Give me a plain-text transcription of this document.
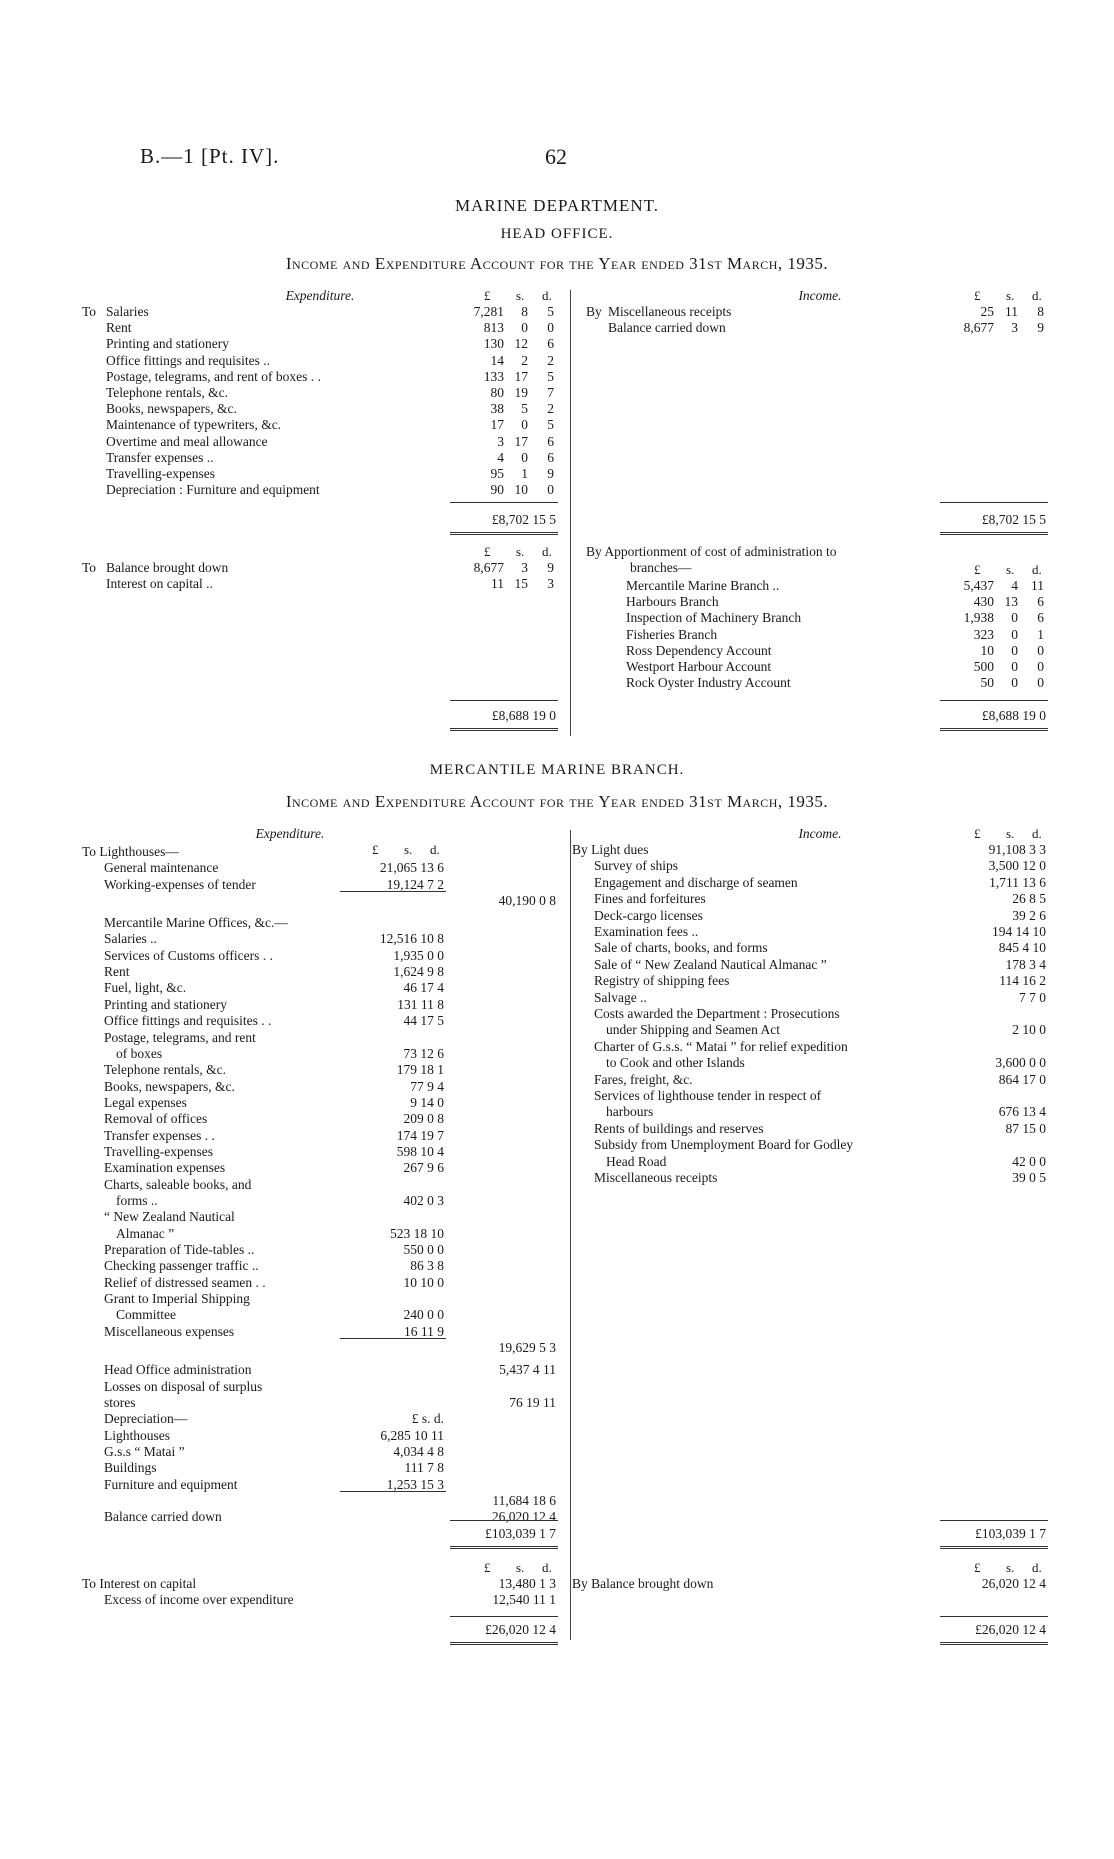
B.—1 [Pt. IV].	62
MARINE DEPARTMENT.
HEAD OFFICE.
Income and Expenditure Account for the Year ended 31st March, 1935.
Expenditure.	Income.
£ s. d.	£ s. d.
To Salaries	7,281	8	5
Rent	813	0	0
Printing and stationery	130 12	6
Office fittings and requisites ..	14	2	2
Postage, telegrams, and rent of boxes . .	133 17	5
Telephone rentals, &c.	80 19	7
Books, newspapers, &c.	38	5	2
Maintenance of typewriters, &c.	17	0	5
Overtime and meal allowance	3 17	6
Transfer expenses ..	4	0	6
Travelling-expenses	95	1	9
Depreciation : Furniture and equipment	90 10	0
By Miscellaneous receipts	25 11	8
Balance carried down	8,677	3	9
£8,702 15 5	£8,702 15 5
£ s. d.
To Balance brought down	8,677	3	9
Interest on capital ..	11 15	3
By Apportionment of cost of administration to
branches—	£ s. d.
Mercantile Marine Branch ..	5,437	4 11
Harbours Branch	430 13	6
Inspection of Machinery Branch	1,938	0	6
Fisheries Branch	323	0	1
Ross Dependency Account	10	0	0
Westport Harbour Account	500	0	0
Rock Oyster Industry Account	50	0	0
£8,688 19 0	£8,688 19 0
MERCANTILE MARINE BRANCH.
Income and Expenditure Account for the Year ended 31st March, 1935.
Expenditure.	Income.
£ s. d.
£ s. d.
To Lighthouses—
General maintenance	21,065 13 6
Working-expenses of tender	19,124 7 2
40,190 0 8
Mercantile Marine Offices, &c.—
Salaries ..	12,516 10 8
Services of Customs officers . .	1,935 0 0
Rent	1,624 9 8
Fuel, light, &c.	46 17 4
Printing and stationery	131 11 8
Office fittings and requisites . .	44 17 5
Postage, telegrams, and rent
of boxes	73 12 6
Telephone rentals, &c.	179 18 1
Books, newspapers, &c.	77 9 4
Legal expenses	9 14 0
Removal of offices	209 0 8
Transfer expenses . .	174 19 7
Travelling-expenses	598 10 4
Examination expenses	267 9 6
Charts, saleable books, and
forms ..	402 0 3
“ New Zealand Nautical
Almanac ”	523 18 10
Preparation of Tide-tables ..	550 0 0
Checking passenger traffic ..	86 3 8
Relief of distressed seamen . .	10 10 0
Grant to Imperial Shipping
Committee	240 0 0
Miscellaneous expenses	16 11 9
19,629 5 3
Head Office administration	5,437 4 11
Losses on disposal of surplus
stores	76 19 11
Depreciation—	£ s. d.
Lighthouses	6,285 10 11
G.s.s “ Matai ”	4,034 4 8
Buildings	111 7 8
Furniture and equipment	1,253 15 3
11,684 18 6
Balance carried down	26,020 12 4
£103,039 1 7
By Light dues	91,108 3 3
Survey of ships	3,500 12 0
Engagement and discharge of seamen	1,711 13 6
Fines and forfeitures	26 8 5
Deck-cargo licenses	39 2 6
Examination fees ..	194 14 10
Sale of charts, books, and forms	845 4 10
Sale of “ New Zealand Nautical Almanac ”	178 3 4
Registry of shipping fees	114 16 2
Salvage ..	7 7 0
Costs awarded the Department : Prosecutions
under Shipping and Seamen Act	2 10 0
Charter of G.s.s. “ Matai ” for relief expedition
to Cook and other Islands	3,600 0 0
Fares, freight, &c.	864 17 0
Services of lighthouse tender in respect of
harbours	676 13 4
Rents of buildings and reserves	87 15 0
Subsidy from Unemployment Board for Godley
Head Road	42 0 0
Miscellaneous receipts	39 0 5
£103,039 1 7
£ s. d.	£ s. d.
To Interest on capital	13,480 1 3
Excess of income over expenditure	12,540 11 1
By Balance brought down	26,020 12 4
£26,020 12 4	£26,020 12 4
